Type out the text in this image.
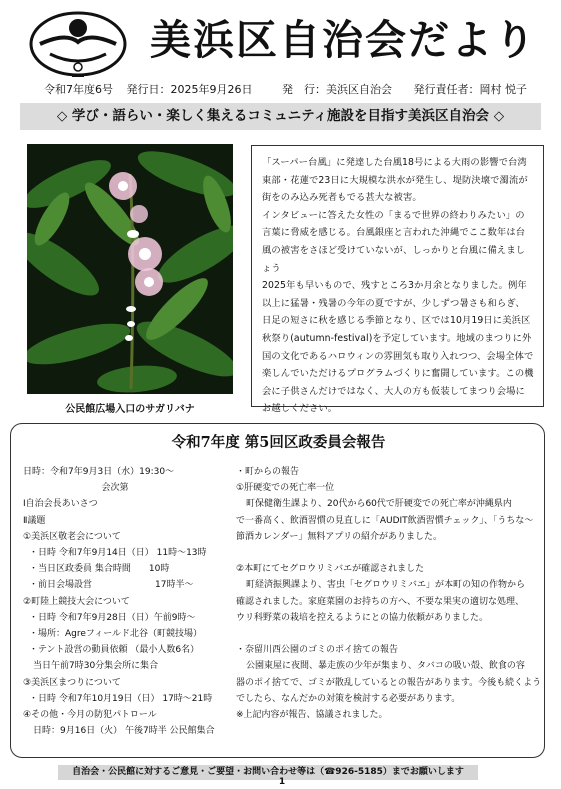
美浜区自治会だより
令和7年度6号 発行日：2025年9月26日	発　行：美浜区自治会 発行責任者：岡村 悦子
◇ 学び・語らい・楽しく集えるコミュニティ施設を目指す美浜区自治会 ◇
公民館広場入口のサガリバナ

「スーパー台風」に発達した台風18号による大雨の影響で台湾東部・花蓮で23日に大規模な洪水が発生し、堤防決壊で濁流が街をのみ込み死者もでる甚大な被害。

インタビューに答えた女性の「まるで世界の終わりみたい」の言葉に脅威を感じる。台風銀座と言われた沖縄でここ数年は台風の被害をさほど受けていないが、しっかりと台風に備えましょう

2025年も早いもので、残すところ3か月余となりました。例年以上に猛暑・残暑の今年の夏ですが、少しずつ暑さも和らぎ、日足の短さに秋を感じる季節となり、区では10月19日に美浜区秋祭り(autumn-festival)を予定しています。地域のまつりに外国の文化であるハロウィンの雰囲気も取り入れつつ、会場全体で楽しんでいただけるプログラムづくりに奮闘しています。この機会に子供さんだけではなく、大人の方も仮装してまつり会場にお越しください。

令和7年度 第5回区政委員会報告
日時：令和7年9月3日（水）19:30～
会次第
Ⅰ自治会長あいさつ
Ⅱ議題
①美浜区敬老会について
・日時 令和7年9月14日（日） 11時～13時
・当日区政委員 集合時間　　10時
・前日会場設営　　　　　　　17時半～
②町陸上競技大会について
・日時 令和7年9月28日（日）午前9時～
・場所：Agreフィールド北谷（町競技場）
・テント設営の動員依頼 （最小人数6名）
当日午前7時30分集会所に集合
③美浜区まつりについて
・日時 令和7年10月19日（日） 17時～21時
④その他・今月の防犯パトロール
日時：9月16日（火） 午後7時半 公民館集合
・町からの報告
①肝硬変での死亡率一位
町保健衛生課より、20代から60代で肝硬変での死亡率が沖縄県内
で一番高く、飲酒習慣の見直しに「AUDIT飲酒習慣チェック」、「うちな～節酒カレンダー」無料アプリの紹介がありました。

②本町にてセグロウリミバエが確認されました
町経済振興課より、害虫「セグロウリミバエ」が本町の知の作物から
確認されました。家庭菜園のお持ちの方へ、不要な果実の適切な処理、
ウリ科野菜の栽培を控えるようにとの協力依頼がありました。

・奈留川西公園のゴミのポイ捨ての報告
公園東屋に夜間、暴走族の少年が集まり、タバコの吸い殻、飲食の容
器のポイ捨てで、ゴミが散乱しているとの報告があります。今後も続くよう
でしたら、なんだかの対策を検討する必要があります。
※上記内容が報告、協議されました。
自治会・公民館に対するご意見・ご要望・お問い合わせ等は（☎926-5185）までお願いします
1
